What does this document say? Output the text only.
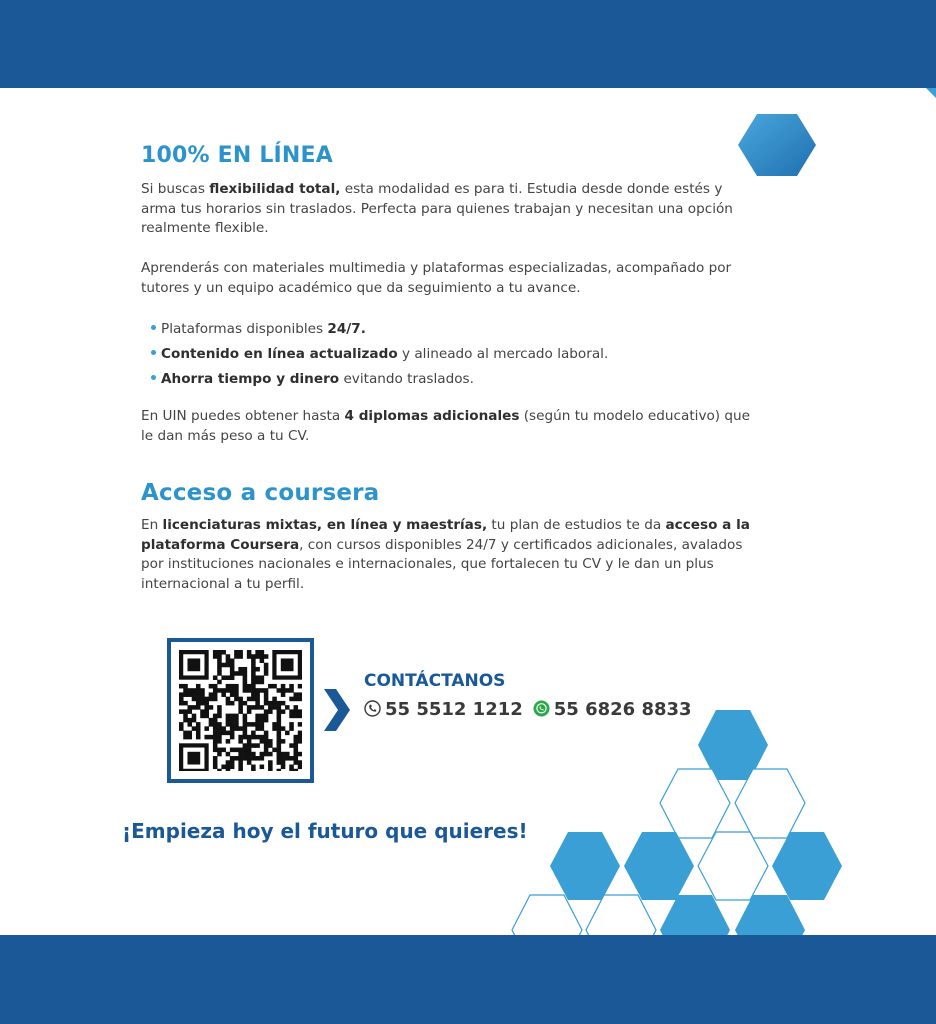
100% EN LÍNEA

Si buscas flexibilidad total, esta modalidad es para ti. Estudia desde donde estés y arma tus horarios sin traslados. Perfecta para quienes trabajan y necesitan una opción realmente flexible.

Aprenderás con materiales multimedia y plataformas especializadas, acompañado por tutores y un equipo académico que da seguimiento a tu avance.

Plataformas disponibles 24/7.
Contenido en línea actualizado y alineado al mercado laboral.
Ahorra tiempo y dinero evitando traslados.

En UIN puedes obtener hasta 4 diplomas adicionales (según tu modelo educativo) que le dan más peso a tu CV.

Acceso a coursera

En licenciaturas mixtas, en línea y maestrías, tu plan de estudios te da acceso a la plataforma Coursera, con cursos disponibles 24/7 y certificados adicionales, avalados por instituciones nacionales e internacionales, que fortalecen tu CV y le dan un plus internacional a tu perfil.

CONTÁCTANOS
55 5512 1212 55 6826 8833
¡Empieza hoy el futuro que quieres!
